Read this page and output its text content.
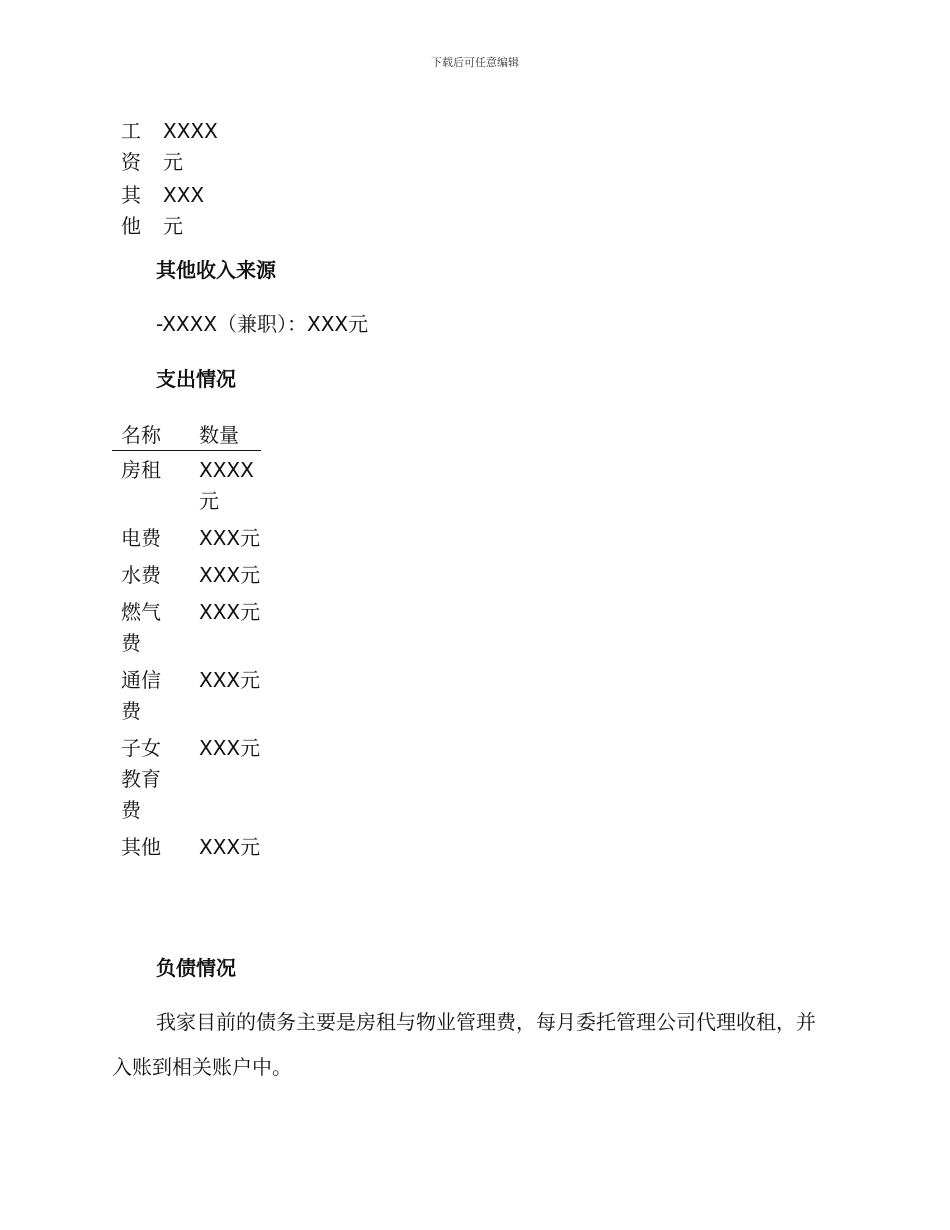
下载后可任意编辑
工资	XXXX元
其他	XXX元
其他收入来源

-XXXX（兼职）：XXX元

支出情况
名称	数量
房租	XXXX元
电费	XXX元
水费	XXX元
燃气费	XXX元
通信费	XXX元
子女教育费	XXX元
其他	XXX元
负债情况

我家目前的债务主要是房租与物业管理费，每月委托管理公司代理收租，并入账到相关账户中。
